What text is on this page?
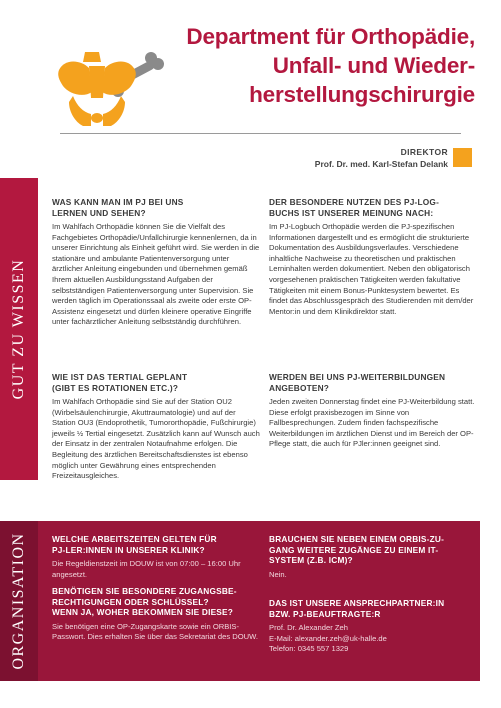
Department für Orthopädie,
Unfall- und Wieder-
herstellungschirurgie
DIREKTOR
Prof. Dr. med. Karl-Stefan Delank
GUT ZU WISSEN
WAS KANN MAN IM PJ BEI UNS
LERNEN UND SEHEN?

Im Wahlfach Orthopädie können Sie die Vielfalt des Fachgebietes Orthopädie/Unfallchirurgie kennenlernen, da in unserer Einrichtung als Einheit geführt wird. Sie werden in die stationäre und ambulante Patientenversorgung unter ärztlicher Anleitung eingebunden und übernehmen gemäß Ihrem aktuellen Ausbildungsstand Aufgaben der selbstständigen Patientenversorgung unter Supervision. Sie werden täglich im Operationssaal als zweite oder erste OP-Assistenz eingesetzt und dürfen kleinere operative Eingriffe unter fachärztlicher Anleitung selbstständig durchführen.

DER BESONDERE NUTZEN DES PJ-LOG-
BUCHS IST UNSERER MEINUNG NACH:

Im PJ-Logbuch Orthopädie werden die PJ-spezifischen Informationen dargestellt und es ermöglicht die strukturierte Dokumentation des Ausbildungsverlaufes. Verschiedene inhaltliche Nachweise zu theoretischen und praktischen Lerninhalten werden dokumentiert. Neben den obligatorisch vorgesehenen praktischen Tätigkeiten werden fakultative Tätigkeiten mit einem Bonus-Punktesystem bewertet. Es findet das Abschlussgespräch des Studierenden mit dem/der Mentor:in und dem Klinikdirektor statt.

WIE IST DAS TERTIAL GEPLANT
(GIBT ES ROTATIONEN ETC.)?

Im Wahlfach Orthopädie sind Sie auf der Station OU2 (Wirbelsäulenchirurgie, Akuttraumatologie) und auf der Station OU3 (Endoprothetik, Tumororthopädie, Fußchirurgie) jeweils ½ Tertial eingesetzt. Zusätzlich kann auf Wunsch auch der Einsatz in der zentralen Notaufnahme erfolgen. Die Begleitung des ärztlichen Bereitschaftsdienstes ist ebenso möglich unter Gewährung eines entsprechenden Freizeitausgleiches.

WERDEN BEI UNS PJ-WEITERBILDUNGEN
ANGEBOTEN?

Jeden zweiten Donnerstag findet eine PJ-Weiterbildung statt. Diese erfolgt praxisbezogen im Sinne von Fallbesprechungen. Zudem finden fachspezifische Weiterbildungen im ärztlichen Dienst und im Bereich der OP-Pflege statt, die auch für PJler:innen geeignet sind.

ORGANISATION	WELCHE ARBEITSZEITEN GELTEN FÜR
PJ-LER:INNEN IN UNSERER KLINIK?

Die Regeldienstzeit im DOUW ist von 07:00 – 16:00 Uhr angesetzt.

BENÖTIGEN SIE BESONDERE ZUGANGSBE-
RECHTIGUNGEN ODER SCHLÜSSEL?
WENN JA, WOHER BEKOMMEN SIE DIESE?

Sie benötigen eine OP-Zugangskarte sowie ein ORBIS-Passwort. Dies erhalten Sie über das Sekretariat des DOUW.

BRAUCHEN SIE NEBEN EINEM ORBIS-ZU-
GANG WEITERE ZUGÄNGE ZU EINEM IT-
SYSTEM (Z.B. ICM)?

Nein.

DAS IST UNSERE ANSPRECHPARTNER:IN
BZW. PJ-BEAUFTRAGTE:R

Prof. Dr. Alexander Zeh

E-Mail: alexander.zeh@uk-halle.de

Telefon: 0345 557 1329
